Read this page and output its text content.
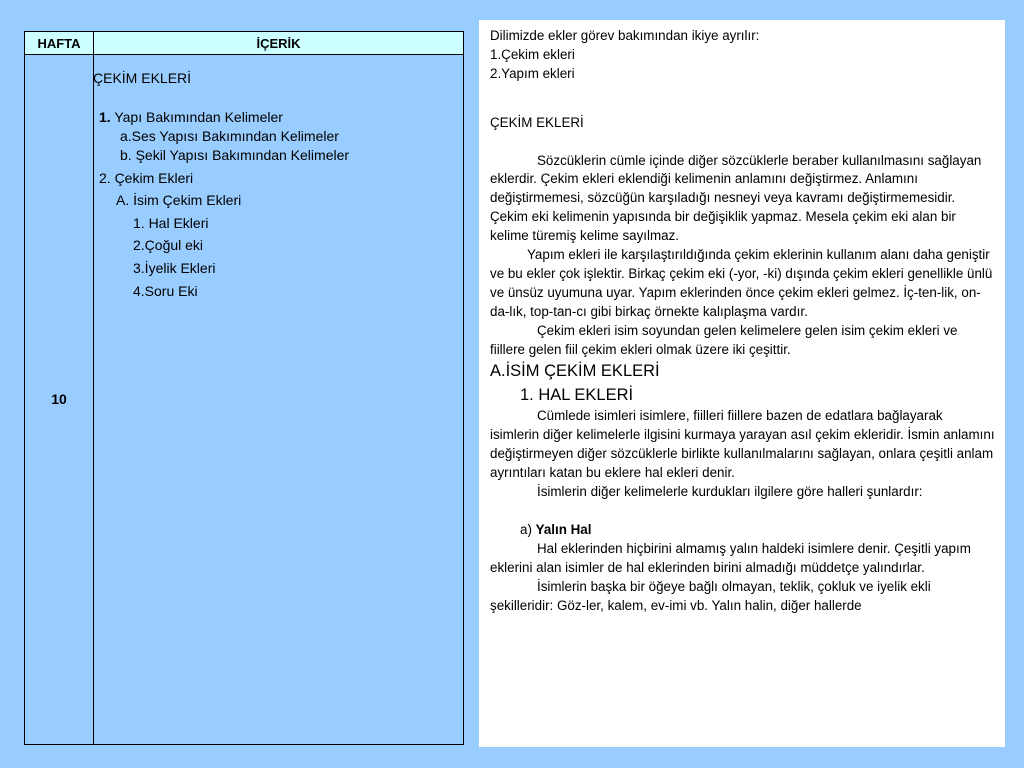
HAFTA	İÇERİK
10
ÇEKİM EKLERİ
1. Yapı Bakımından Kelimeler
a.Ses Yapısı Bakımından Kelimeler
b. Şekil Yapısı Bakımından Kelimeler
2. Çekim Ekleri
A. İsim Çekim Ekleri
1. Hal Ekleri
2.Çoğul eki
3.İyelik Ekleri
4.Soru Eki

Dilimizde ekler görev bakımından ikiye ayrılır:

1.Çekim ekleri

2.Yapım ekleri

ÇEKİM EKLERİ

Sözcüklerin cümle içinde diğer sözcüklerle beraber kullanılmasını sağlayan eklerdir. Çekim ekleri eklendiği kelimenin anlamını değiştirmez. Anlamını değiştirmemesi, sözcüğün karşıladığı nesneyi veya kavramı değiştirmemesidir. Çekim eki kelimenin yapısında bir değişiklik yapmaz. Mesela çekim eki alan bir kelime türemiş kelime sayılmaz.

Yapım ekleri ile karşılaştırıldığında çekim eklerinin kullanım alanı daha geniştir ve bu ekler çok işlektir. Birkaç çekim eki (-yor, -ki) dışında çekim ekleri genellikle ünlü ve ünsüz uyumuna uyar. Yapım eklerinden önce çekim ekleri gelmez. İç-ten-lik, on-da-lık, top-tan-cı gibi birkaç örnekte kalıplaşma vardır.

Çekim ekleri isim soyundan gelen kelimelere gelen isim çekim ekleri ve fiillere gelen fiil çekim ekleri olmak üzere iki çeşittir.

A.İSİM ÇEKİM EKLERİ

1. HAL EKLERİ

Cümlede isimleri isimlere, fiilleri fiillere bazen de edatlara bağlayarak isimlerin diğer kelimelerle ilgisini kurmaya yarayan asıl çekim ekleridir. İsmin anlamını değiştirmeyen diğer sözcüklerle birlikte kullanılmalarını sağlayan, onlara çeşitli anlam ayrıntıları katan bu eklere hal ekleri denir.

İsimlerin diğer kelimelerle kurdukları ilgilere göre halleri şunlardır:

a) Yalın Hal

Hal eklerinden hiçbirini almamış yalın haldeki isimlere denir. Çeşitli yapım eklerini alan isimler de hal eklerinden birini almadığı müddetçe yalındırlar.

İsimlerin başka bir öğeye bağlı olmayan, teklik, çokluk ve iyelik ekli şekilleridir: Göz-ler, kalem, ev-imi vb. Yalın halin, diğer hallerde
